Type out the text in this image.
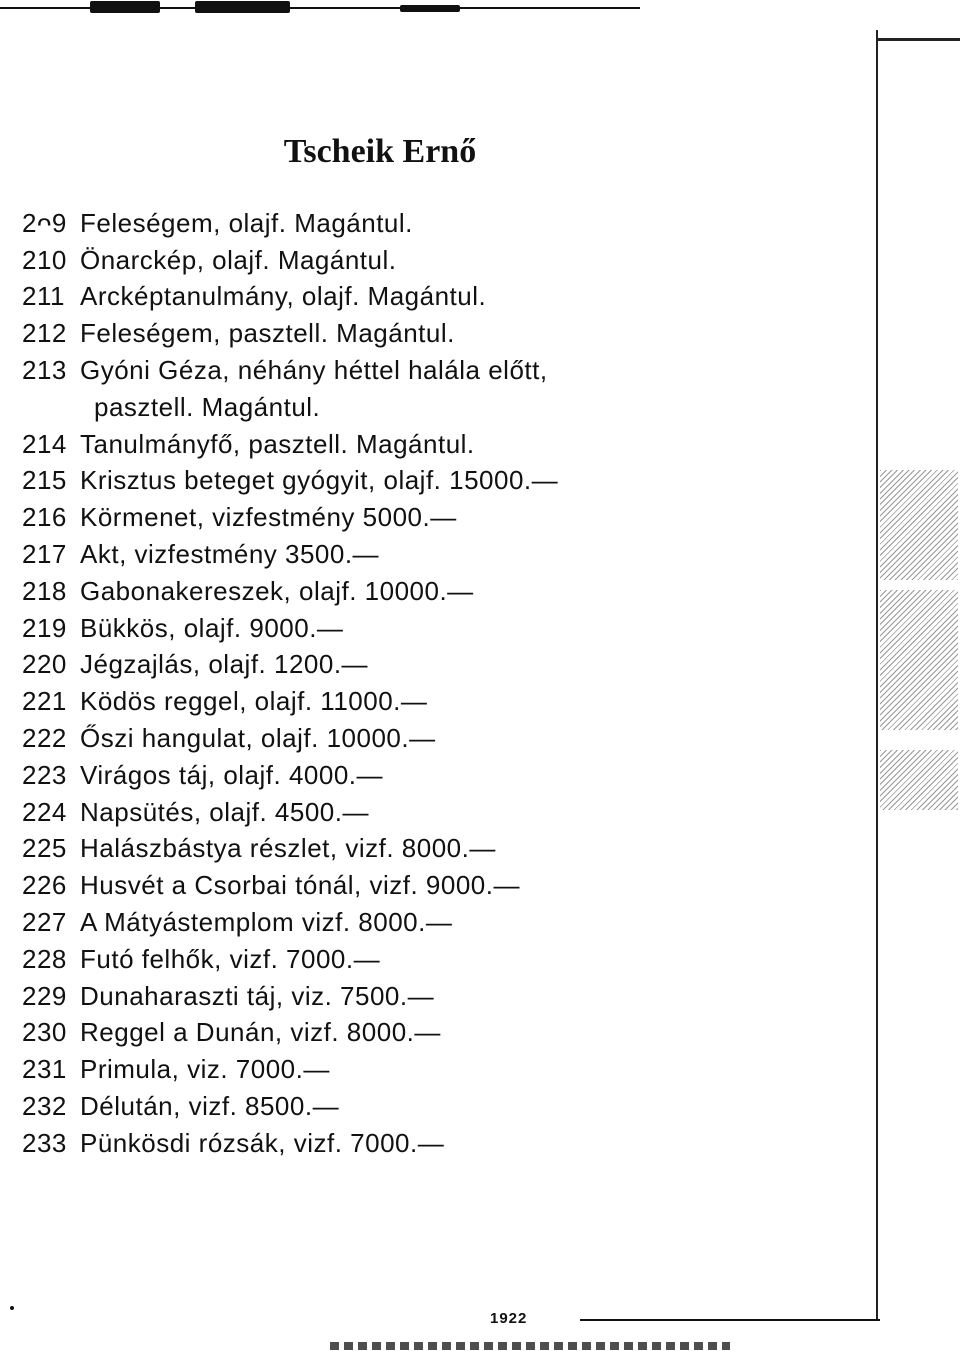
Tscheik Ernő
2ᴖ9 Feleségem, olajf. Magántul.
210 Önarckép, olajf. Magántul.
211 Arcképtanulmány, olajf. Magántul.
212 Feleségem, pasztell. Magántul.
213 Gyóni Géza, néhány héttel halála előtt,
pasztell. Magántul.
214 Tanulmányfő, pasztell. Magántul.
215 Krisztus beteget gyógyit, olajf. 15000.—
216 Körmenet, vizfestmény 5000.—
217 Akt, vizfestmény 3500.—
218 Gabonakereszek, olajf. 10000.—
219 Bükkös, olajf. 9000.—
220 Jégzajlás, olajf. 1200.—
221 Ködös reggel, olajf. 11000.—
222 Őszi hangulat, olajf. 10000.—
223 Virágos táj, olajf. 4000.—
224 Napsütés, olajf. 4500.—
225 Halászbástya részlet, vizf. 8000.—
226 Husvét a Csorbai tónál, vizf. 9000.—
227 A Mátyástemplom vizf. 8000.—
228 Futó felhők, vizf. 7000.—
229 Dunaharaszti táj, viz. 7500.—
230 Reggel a Dunán, vizf. 8000.—
231 Primula, viz. 7000.—
232 Délután, vizf. 8500.—
233 Pünkösdi rózsák, vizf. 7000.—
1922
